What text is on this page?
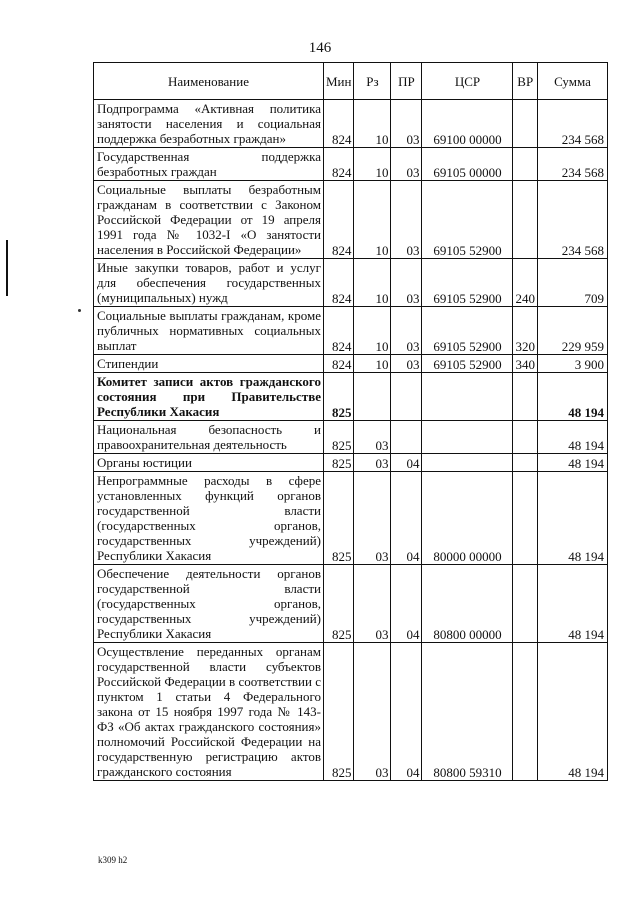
146
Наименование	Мин	Рз	ПР	ЦСР	ВР	Сумма
Подпрограмма «Активная политика занятости населения и социальная поддержка безработных граждан»	824	10	03	69100 00000		234 568
Государственная поддержка безработных граждан	824	10	03	69105 00000		234 568
Социальные выплаты безработным гражданам в соответствии с Законом Российской Федерации от 19 апреля 1991 года № 1032-I «О занятости населения в Российской Федерации»	824	10	03	69105 52900		234 568
Иные закупки товаров, работ и услуг для обеспечения государственных (муниципальных) нужд	824	10	03	69105 52900	240	709
Социальные выплаты гражданам, кроме публичных нормативных социальных выплат	824	10	03	69105 52900	320	229 959
Стипендии	824	10	03	69105 52900	340	3 900
Комитет записи актов гражданского состояния при Правительстве Республики Хакасия	825					48 194
Национальная безопасность и правоохранительная деятельность	825	03				48 194
Органы юстиции	825	03	04			48 194
Непрограммные расходы в сфере установленных функций органов государственной власти (государственных органов, государственных учреждений) Республики Хакасия	825	03	04	80000 00000		48 194
Обеспечение деятельности органов государственной власти (государственных органов, государственных учреждений) Республики Хакасия	825	03	04	80800 00000		48 194
Осуществление переданных органам государственной власти субъектов Российской Федерации в соответствии с пунктом 1 статьи 4 Федерального закона от 15 ноября 1997 года № 143-ФЗ «Об актах гражданского состояния» полномочий Российской Федерации на государственную регистрацию актов гражданского состояния	825	03	04	80800 59310		48 194
k309 h2
